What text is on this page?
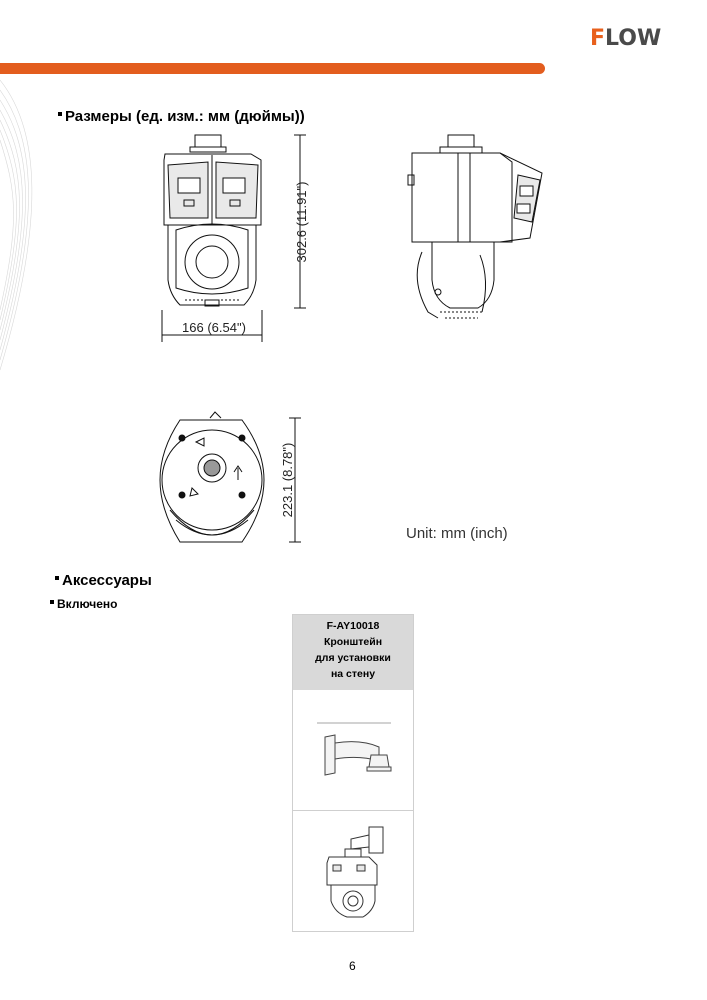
FLOW
Размеры (ед. изм.: мм (дюймы))
302.6 (11.91")
166 (6.54")
223.1 (8.78")
Unit: mm (inch)
Аксессуары
Включено
F-AY10018
Кронштейн
для установки
на стену
6
